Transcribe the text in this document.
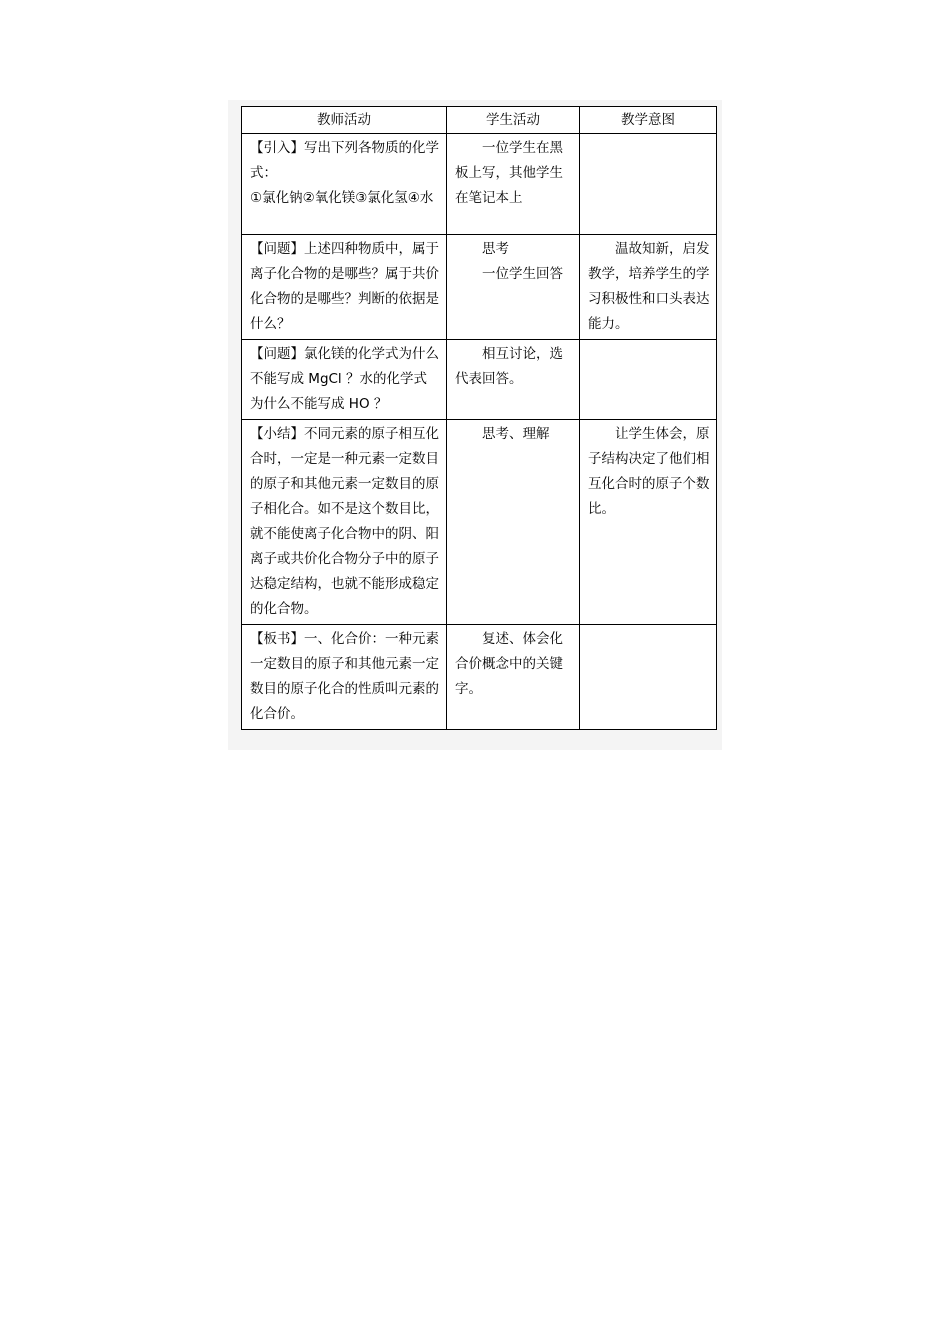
教师活动	学生活动	教学意图

【引入】写出下列各物质的化学式：
①氯化钠②氧化镁③氯化氢④水	一位学生在黑板上写，其他学生在笔记本上	

【问题】上述四种物质中，属于离子化合物的是哪些？属于共价化合物的是哪些？判断的依据是什么？	思考
一位学生回答	温故知新，启发教学，培养学生的学习积极性和口头表达能力。

【问题】氯化镁的化学式为什么不能写成 MgCl ？水的化学式为什么不能写成 HO ？	相互讨论，选代表回答。	

【小结】不同元素的原子相互化合时，一定是一种元素一定数目的原子和其他元素一定数目的原子相化合。如不是这个数目比，就不能使离子化合物中的阴、阳离子或共价化合物分子中的原子达稳定结构，也就不能形成稳定的化合物。	思考、理解	让学生体会，原子结构决定了他们相互化合时的原子个数比。

【板书】一、化合价：一种元素一定数目的原子和其他元素一定数目的原子化合的性质叫元素的化合价。	复述、体会化合价概念中的关键字。	
